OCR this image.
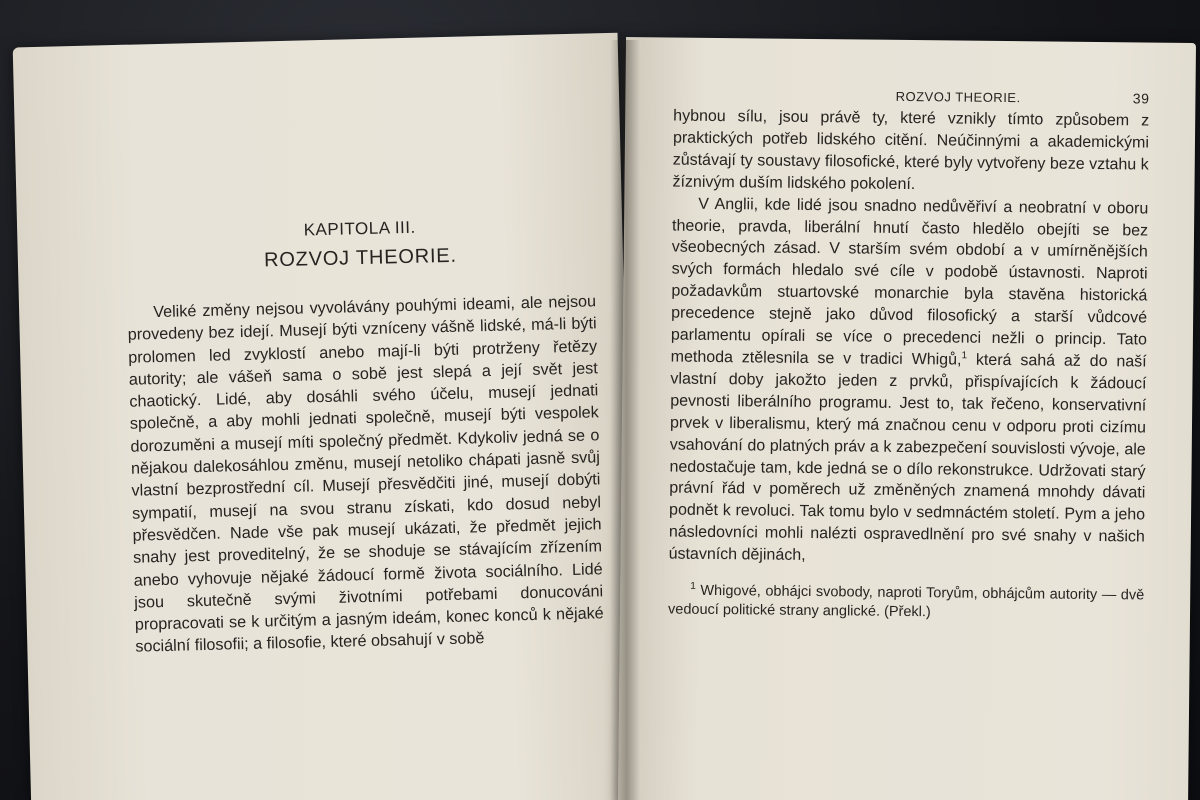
KAPITOLA III.
ROZVOJ THEORIE.

Veliké změny nejsou vyvolávány pouhými ideami, ale nejsou provedeny bez idejí. Musejí býti vzníceny vášně lidské, má-li býti prolomen led zvyklostí anebo mají-li býti protrženy řetězy autority; ale vášeň sama o sobě jest slepá a její svět jest chaotický. Lidé, aby dosáhli svého účelu, musejí jednati společně, a aby mohli jednati společně, musejí býti vespolek dorozuměni a musejí míti společný předmět. Kdykoliv jedná se o nějakou dalekosáhlou změnu, musejí netoliko chápati jasně svůj vlastní bezprostřední cíl. Musejí přesvědčiti jiné, musejí dobýti sympatií, musejí na svou stranu získati, kdo dosud nebyl přesvědčen. Nade vše pak musejí ukázati, že předmět jejich snahy jest proveditelný, že se shoduje se stávajícím zřízením anebo vyhovuje nějaké žádoucí formě života sociálního. Lidé jsou skutečně svými životními potřebami donucováni propracovati se k určitým a jasným ideám, konec konců k nějaké sociální filosofii; a filosofie, které obsahují v sobě

ROZVOJ THEORIE.	39

hybnou sílu, jsou právě ty, které vznikly tímto způsobem z praktických potřeb lidského citění. Neúčinnými a akademickými zůstávají ty soustavy filosofické, které byly vytvořeny beze vztahu k žíznivým duším lidského pokolení.

V Anglii, kde lidé jsou snadno nedůvěřiví a neobratní v oboru theorie, pravda, liberální hnutí často hledělo obejíti se bez všeobecných zásad. V starším svém období a v umírněnějších svých formách hledalo své cíle v podobě ústavnosti. Naproti požadavkům stuartovské monarchie byla stavěna historická precedence stejně jako důvod filosofický a starší vůdcové parlamentu opírali se více o precedenci nežli o princip. Tato methoda ztělesnila se v tradici Whigů,$^1$ která sahá až do naší vlastní doby jakožto jeden z prvků, přispívajících k žádoucí pevnosti liberálního programu. Jest to, tak řečeno, konservativní prvek v liberalismu, který má značnou cenu v odporu proti cizímu vsahování do platných práv a k zabezpečení souvislosti vývoje, ale nedostačuje tam, kde jedná se o dílo rekonstrukce. Udržovati starý právní řád v poměrech už změněných znamená mnohdy dávati podnět k revoluci. Tak tomu bylo v sedmnáctém století. Pym a jeho následovníci mohli nalézti ospravedlnění pro své snahy v našich ústavních dějinách,

$^1$ Whigové, obhájci svobody, naproti Toryům, obhájcům autority — dvě vedoucí politické strany anglické. (Překl.)
